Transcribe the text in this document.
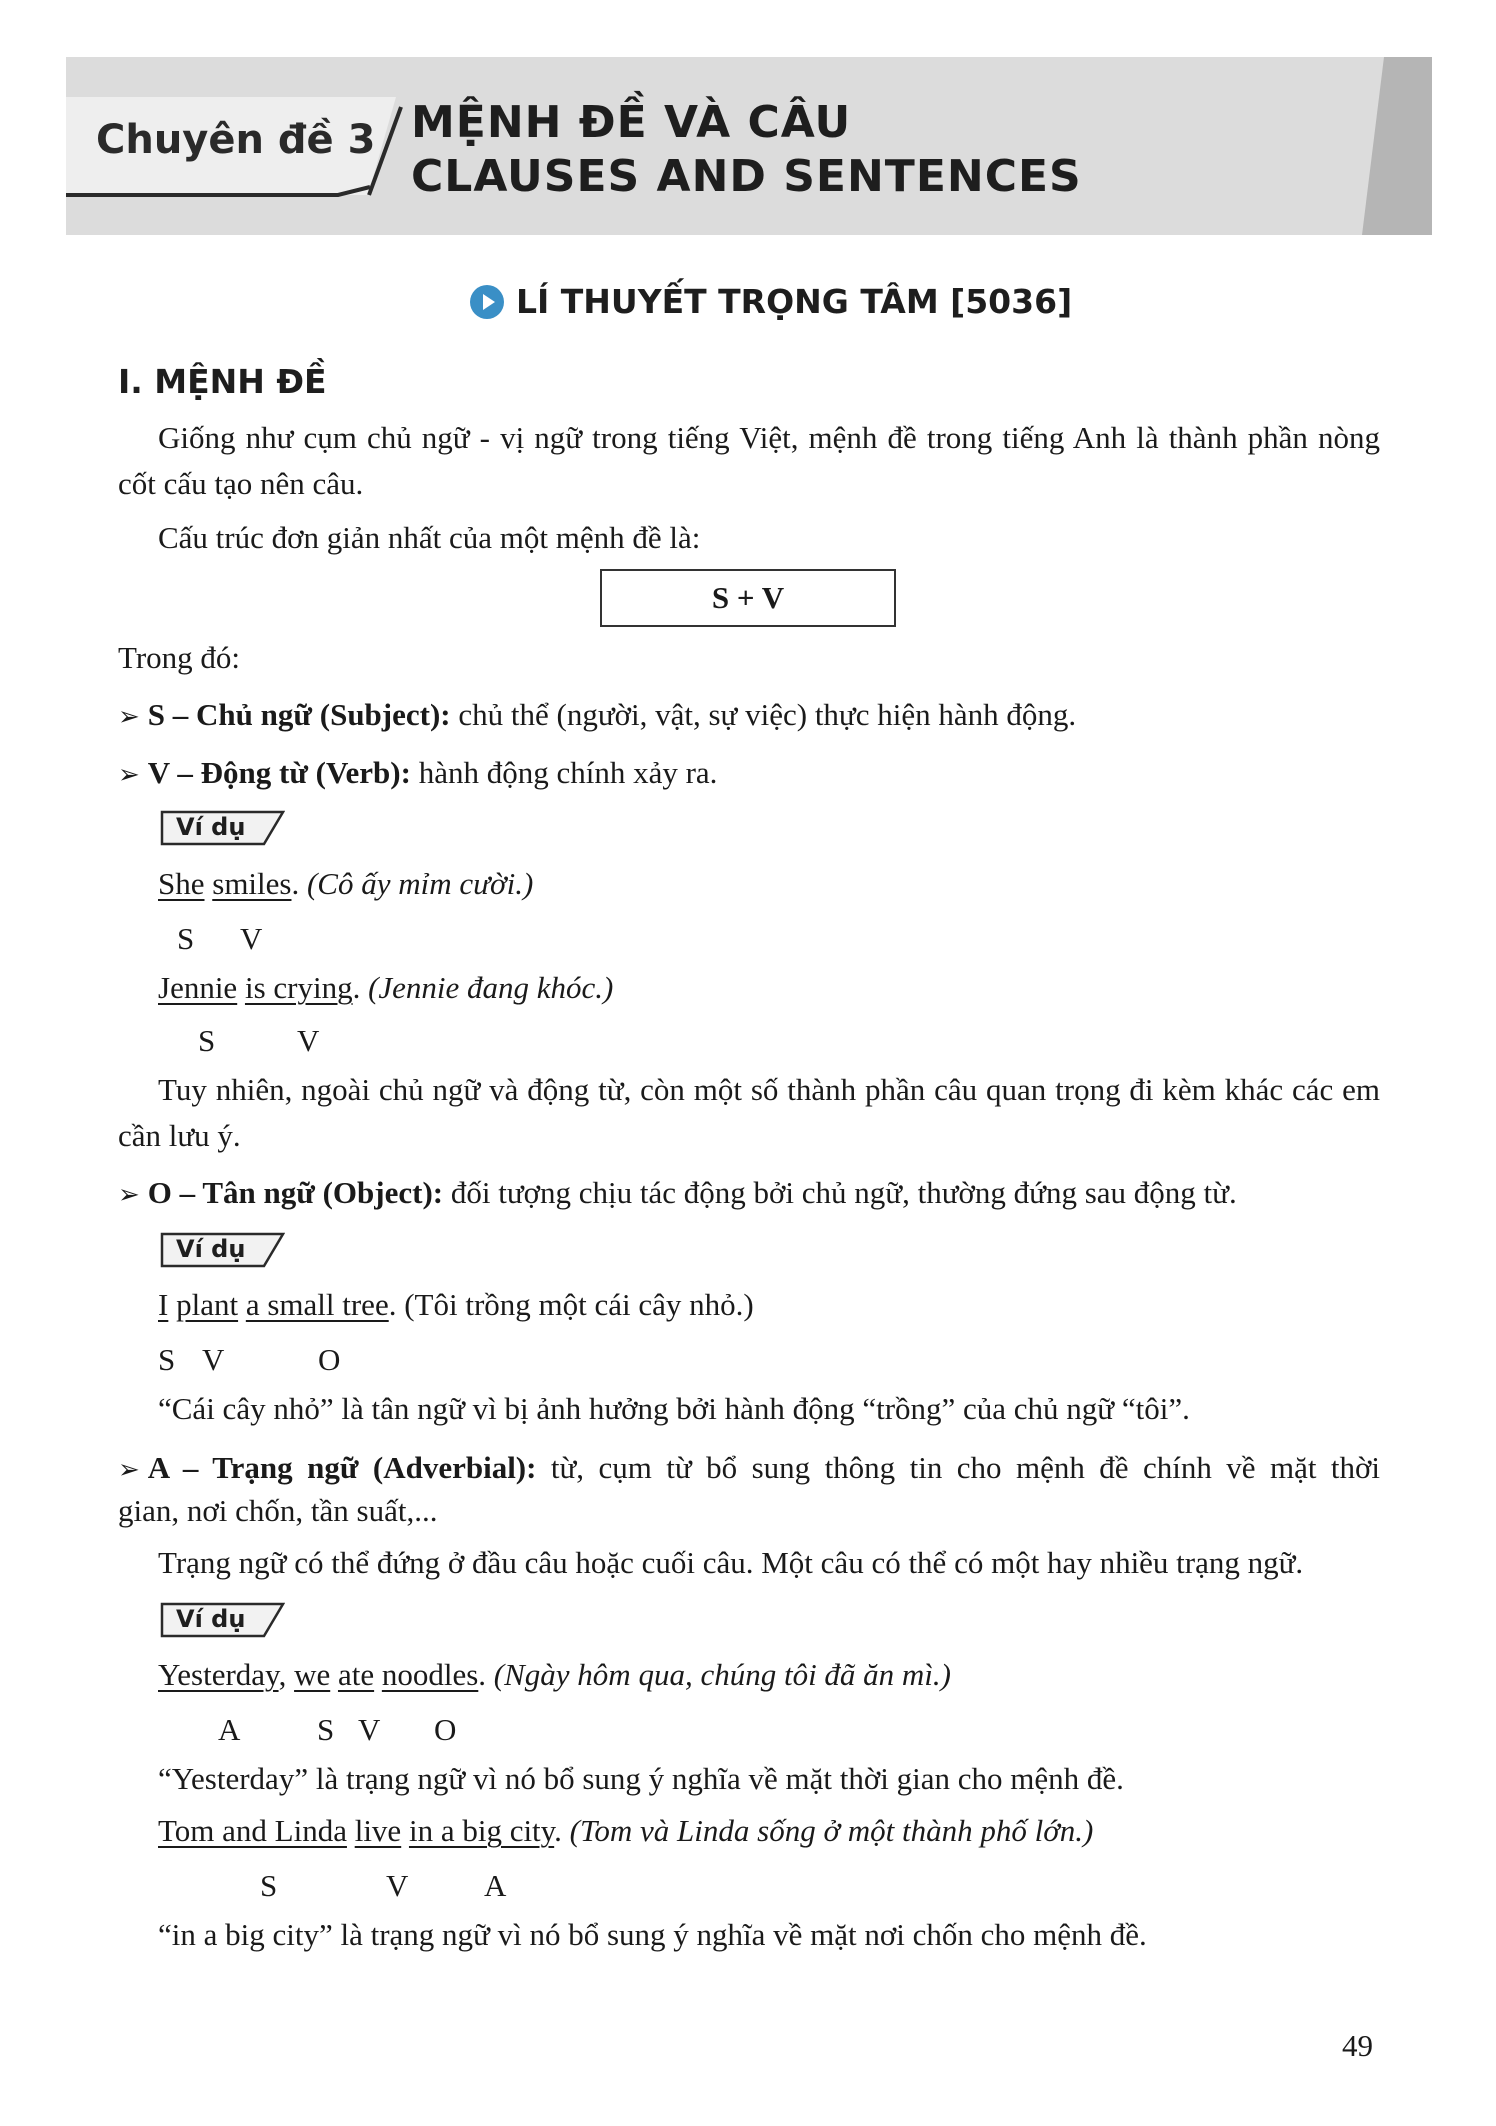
Chuyên đề 3 MỆNH ĐỀ VÀ CÂU
CLAUSES AND SENTENCES
LÍ THUYẾT TRỌNG TÂM [5036]
I. MỆNH ĐỀ
Giống như cụm chủ ngữ - vị ngữ trong tiếng Việt, mệnh đề trong tiếng Anh là thành phần nòng cốt cấu tạo nên câu.
Cấu trúc đơn giản nhất của một mệnh đề là:
S + V
Trong đó:
➢ S – Chủ ngữ (Subject): chủ thể (người, vật, sự việc) thực hiện hành động.
➢ V – Động từ (Verb): hành động chính xảy ra.
Ví dụ
She smiles. (Cô ấy mỉm cười.)
S V
Jennie is crying. (Jennie đang khóc.)
S	V
Tuy nhiên, ngoài chủ ngữ và động từ, còn một số thành phần câu quan trọng đi kèm khác các em cần lưu ý.
➢ O – Tân ngữ (Object): đối tượng chịu tác động bởi chủ ngữ, thường đứng sau động từ.
Ví dụ
I plant a small tree. (Tôi trồng một cái cây nhỏ.)
S V	O
“Cái cây nhỏ” là tân ngữ vì bị ảnh hưởng bởi hành động “trồng” của chủ ngữ “tôi”.
➢ A – Trạng ngữ (Adverbial): từ, cụm từ bổ sung thông tin cho mệnh đề chính về mặt thời
gian, nơi chốn, tần suất,...
Trạng ngữ có thể đứng ở đầu câu hoặc cuối câu. Một câu có thể có một hay nhiều trạng ngữ.
Ví dụ
Yesterday, we ate noodles. (Ngày hôm qua, chúng tôi đã ăn mì.)
A S V O
“Yesterday” là trạng ngữ vì nó bổ sung ý nghĩa về mặt thời gian cho mệnh đề.
Tom and Linda live in a big city. (Tom và Linda sống ở một thành phố lớn.)
S	V A
“in a big city” là trạng ngữ vì nó bổ sung ý nghĩa về mặt nơi chốn cho mệnh đề.
49
